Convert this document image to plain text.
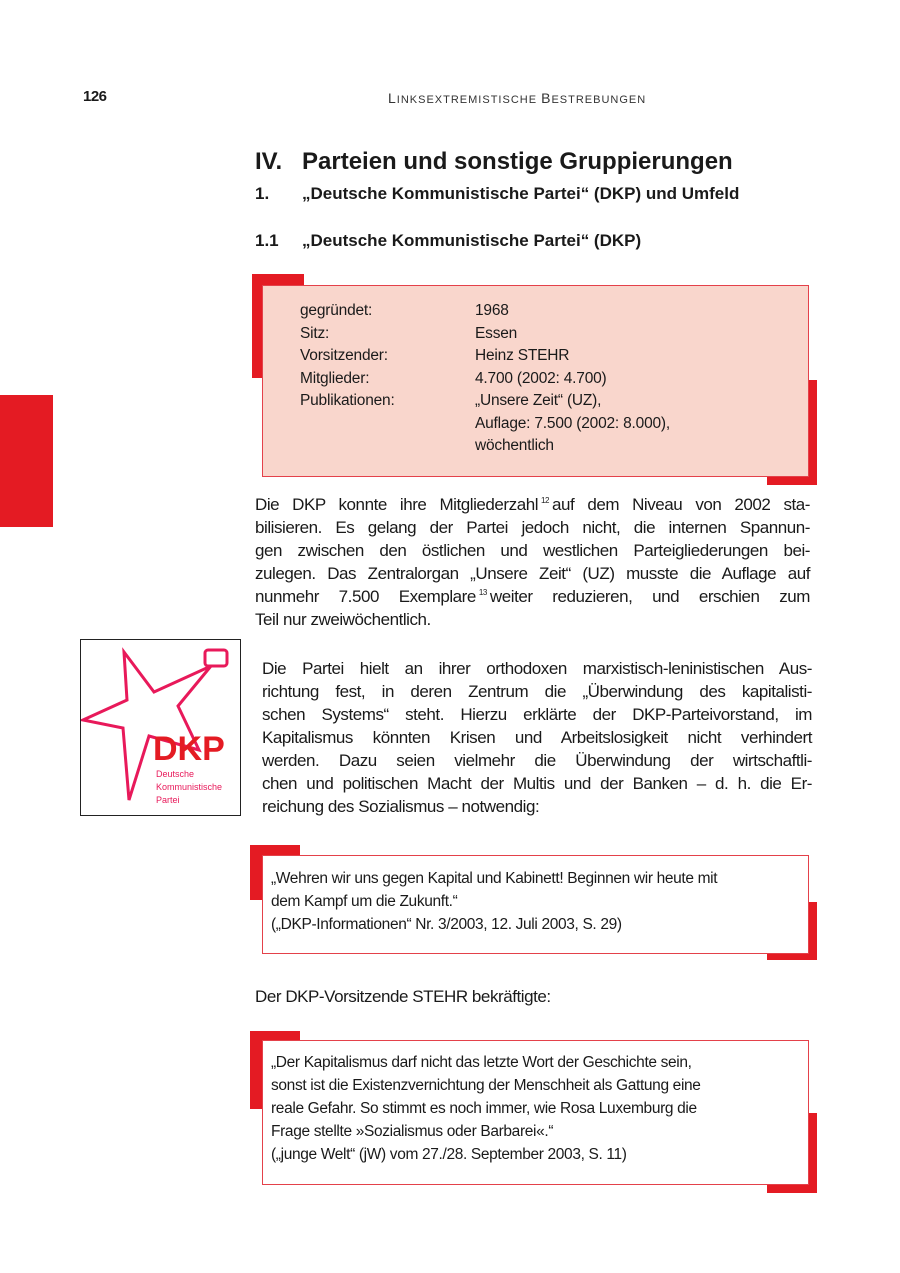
126	LINKSEXTREMISTISCHE BESTREBUNGEN
IV. Parteien und sonstige Gruppierungen
1. „Deutsche Kommunistische Partei“ (DKP) und Umfeld
1.1 „Deutsche Kommunistische Partei“ (DKP)
gegründet:	1968
Sitz:	Essen
Vorsitzender:	Heinz STEHR
Mitglieder:	4.700 (2002: 4.700)
Publikationen:	„Unsere Zeit“ (UZ),
Auflage: 7.500 (2002: 8.000),
wöchentlich
Die DKP konnte ihre Mitgliederzahl $^{12}$ auf dem Niveau von 2002 sta-
bilisieren. Es gelang der Partei jedoch nicht, die internen Spannun-
gen zwischen den östlichen und westlichen Parteigliederungen bei-
zulegen. Das Zentralorgan „Unsere Zeit“ (UZ) musste die Auflage auf
nunmehr 7.500 Exemplare $^{13}$ weiter reduzieren, und erschien zum
Teil nur zweiwöchentlich.
DKP
Deutsche
Kommunistische
Partei
Die Partei hielt an ihrer orthodoxen marxistisch-leninistischen Aus-
richtung fest, in deren Zentrum die „Überwindung des kapitalisti-
schen Systems“ steht. Hierzu erklärte der DKP-Parteivorstand, im
Kapitalismus könnten Krisen und Arbeitslosigkeit nicht verhindert
werden. Dazu seien vielmehr die Überwindung der wirtschaftli-
chen und politischen Macht der Multis und der Banken – d. h. die Er-
reichung des Sozialismus – notwendig:
„Wehren wir uns gegen Kapital und Kabinett! Beginnen wir heute mit
dem Kampf um die Zukunft.“
(„DKP-Informationen“ Nr. 3/2003, 12. Juli 2003, S. 29)
Der DKP-Vorsitzende STEHR bekräftigte:
„Der Kapitalismus darf nicht das letzte Wort der Geschichte sein,
sonst ist die Existenzvernichtung der Menschheit als Gattung eine
reale Gefahr. So stimmt es noch immer, wie Rosa Luxemburg die
Frage stellte »Sozialismus oder Barbarei«.“
(„junge Welt“ (jW) vom 27./28. September 2003, S. 11)
